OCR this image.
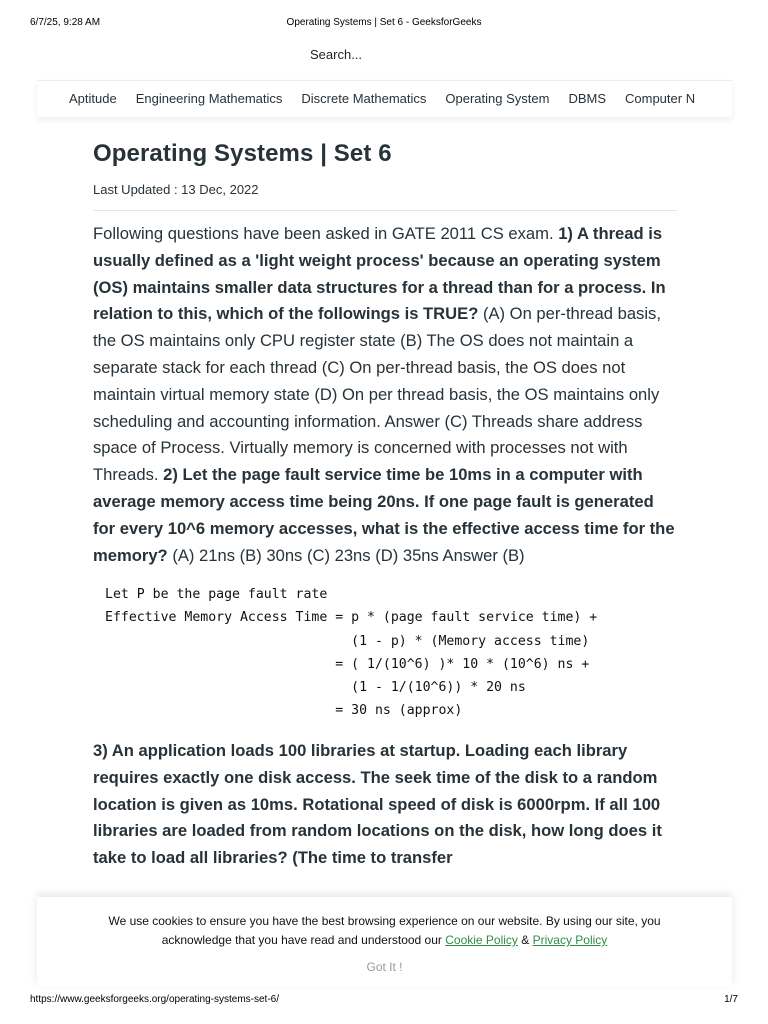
6/7/25, 9:28 AM	Operating Systems | Set 6 - GeeksforGeeks
Search...
Aptitude Engineering Mathematics Discrete Mathematics Operating System DBMS Computer N
Operating Systems | Set 6
Last Updated : 13 Dec, 2022
Following questions have been asked in GATE 2011 CS exam. 1) A thread is usually defined as a 'light weight process' because an operating system (OS) maintains smaller data structures for a thread than for a process. In relation to this, which of the followings is TRUE? (A) On per-thread basis, the OS maintains only CPU register state (B) The OS does not maintain a separate stack for each thread (C) On per-thread basis, the OS does not maintain virtual memory state (D) On per thread basis, the OS maintains only scheduling and accounting information. Answer (C) Threads share address space of Process. Virtually memory is concerned with processes not with Threads. 2) Let the page fault service time be 10ms in a computer with average memory access time being 20ns. If one page fault is generated for every 10^6 memory accesses, what is the effective access time for the memory? (A) 21ns (B) 30ns (C) 23ns (D) 35ns Answer (B)
Let P be the page fault rate
Effective Memory Access Time = p * (page fault service time) +
(1 - p) * (Memory access time)
= ( 1/(10^6) )* 10 * (10^6) ns +
(1 - 1/(10^6)) * 20 ns
= 30 ns (approx)
3) An application loads 100 libraries at startup. Loading each library requires exactly one disk access. The seek time of the disk to a random location is given as 10ms. Rotational speed of disk is 6000rpm. If all 100 libraries are loaded from random locations on the disk, how long does it take to load all libraries? (The time to transfer
We use cookies to ensure you have the best browsing experience on our website. By using our site, you acknowledge that you have read and understood our Cookie Policy & Privacy Policy
Got It !
https://www.geeksforgeeks.org/operating-systems-set-6/	1/7
